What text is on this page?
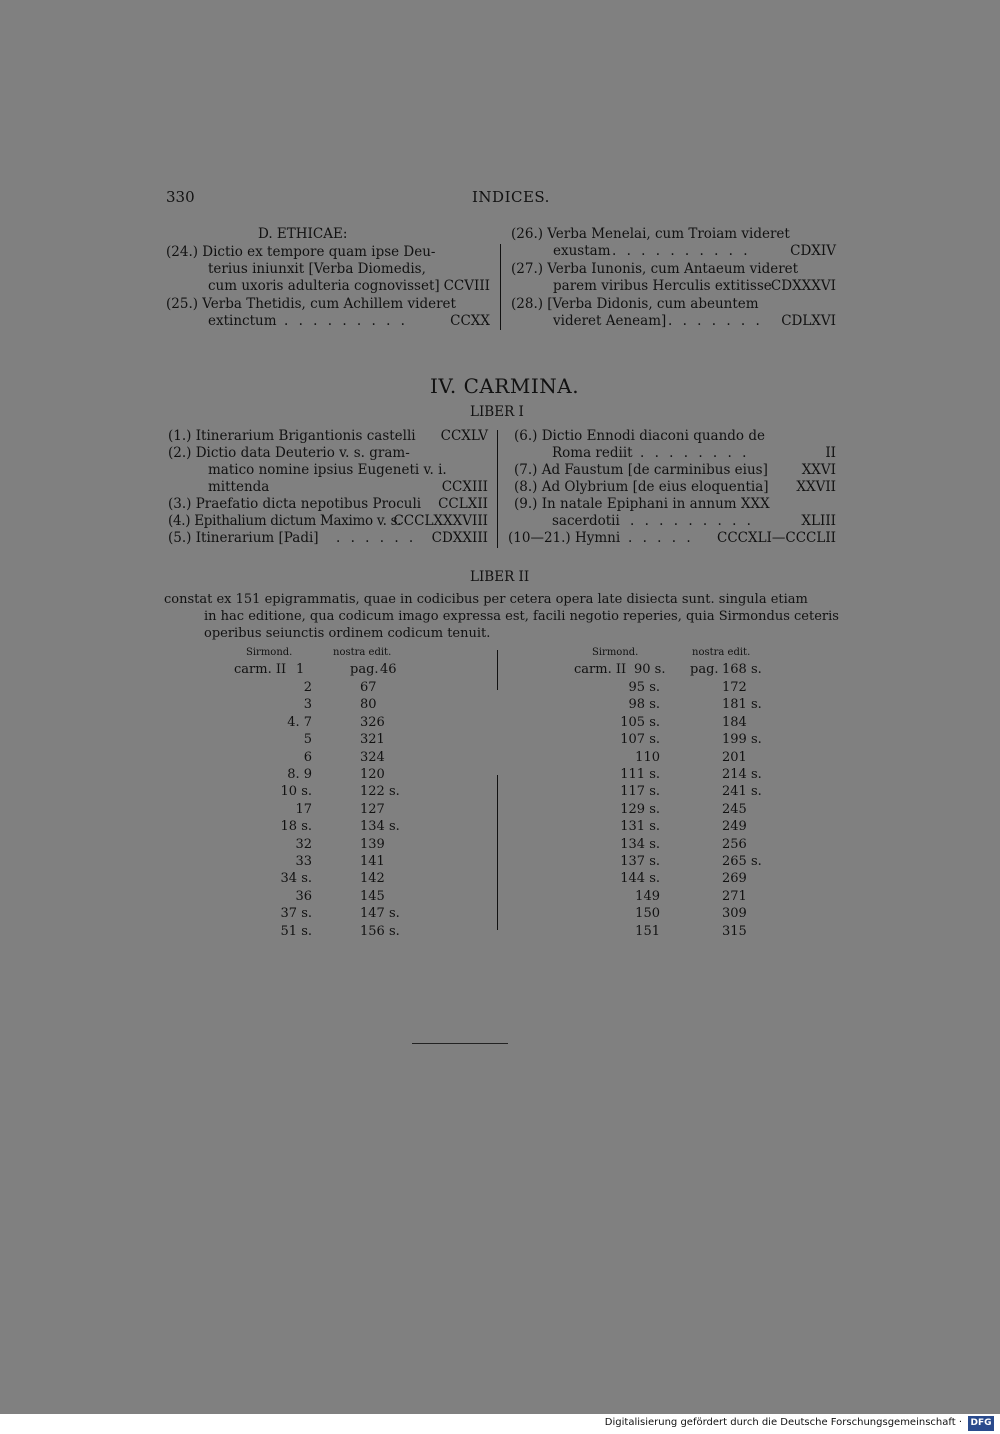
330	INDICES.
D. ETHICAE:
(24.) Dictio ex tempore quam ipse Deu-
terius iniunxit [Verba Diomedis,
cum uxoris adulteria cognovisset] CCVIII
(25.) Verba Thetidis, cum Achillem videret
extinctum . . . . . . . . .	CCXX
(26.) Verba Menelai, cum Troiam videret
exustam . . . . . . . . . .	CDXIV
(27.) Verba Iunonis, cum Antaeum videret
parem viribus Herculis extitisse CDXXXVI
(28.) [Verba Didonis, cum abeuntem
videret Aeneam] . . . . . . .	CDLXVI
IV. CARMINA.
LIBER I
(1.) Itinerarium Brigantionis castelli	CCXLV
(2.) Dictio data Deuterio v. s. gram-
matico nomine ipsius Eugeneti v. i.
mittenda	CCXIII
(3.) Praefatio dicta nepotibus Proculi	CCLXII
(4.) Epithalium dictum Maximo v. s.
CCCLXXXVIII
(5.) Itinerarium [Padi] . . . . . .	CDXXIII
(6.) Dictio Ennodi diaconi quando de
Roma rediit . . . . . . . .	II
(7.) Ad Faustum [de carminibus eius]	XXVI
(8.) Ad Olybrium [de eius eloquentia]	XXVII
(9.) In natale Epiphani in annum XXX
sacerdotii . . . . . . . . .	XLIII
(10—21.) Hymni . . . . .	CCCXLI—CCCLII
LIBER II
constat ex 151 epigrammatis, quae in codicibus per cetera opera late disiecta sunt. singula etiam
in hac editione, qua codicum imago expressa est, facili negotio reperies, quia Sirmondus ceteris
operibus seiunctis ordinem codicum tenuit.
Sirmond.	nostra edit.	Sirmond.	nostra edit.
carm. II 1	pag. 46	carm. II 90 s. pag. 168 s.
2	67
3	80
4. 7	326
5	321
6	324
8. 9	120
10 s.	122 s.
17	127
18 s.	134 s.
32	139
33	141
34 s.	142
36	145
37 s.	147 s.
51 s.	156 s.
95 s.	172
98 s.	181 s.
105 s.	184
107 s.	199 s.
110	201
111 s.	214 s.
117 s.	241 s.
129 s.	245
131 s.	249
134 s.	256
137 s.	265 s.
144 s.	269
149	271
150	309
151	315
Digitalisierung gefördert durch die Deutsche Forschungsgemeinschaft · DFG
